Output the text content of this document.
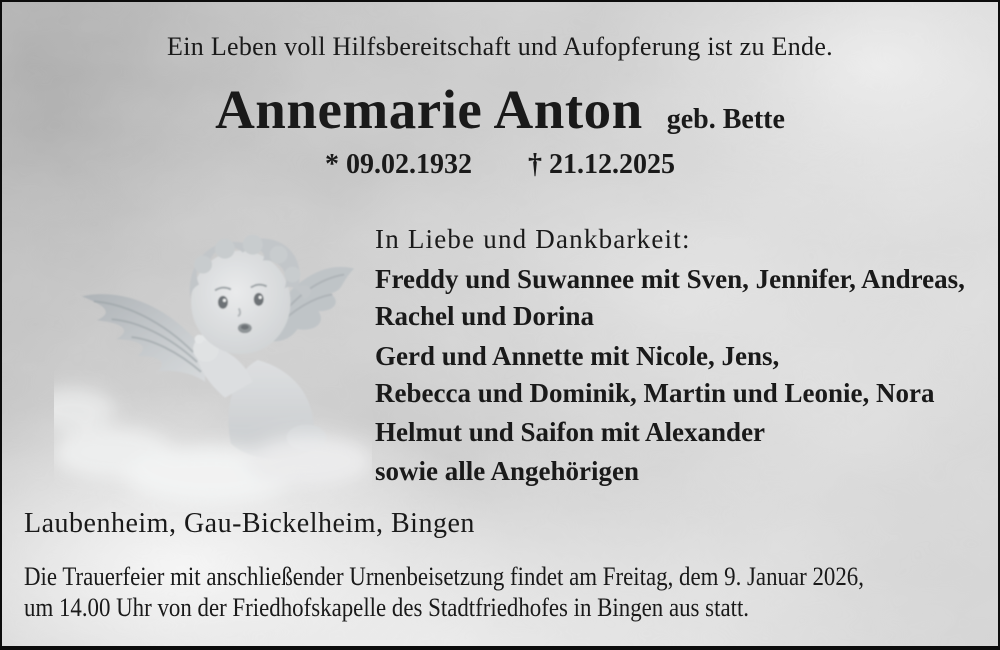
Ein Leben voll Hilfsbereitschaft und Aufopferung ist zu Ende.
Annemarie Anton geb. Bette
* 09.02.1932 † 21.12.2025
In Liebe und Dankbarkeit:
Freddy und Suwannee mit Sven, Jennifer, Andreas,
Rachel und Dorina
Gerd und Annette mit Nicole, Jens,
Rebecca und Dominik, Martin und Leonie, Nora
Helmut und Saifon mit Alexander
sowie alle Angehörigen
Laubenheim, Gau-Bickelheim, Bingen
Die Trauerfeier mit anschließender Urnenbeisetzung findet am Freitag, dem 9. Januar 2026,
um 14.00 Uhr von der Friedhofskapelle des Stadtfriedhofes in Bingen aus statt.
